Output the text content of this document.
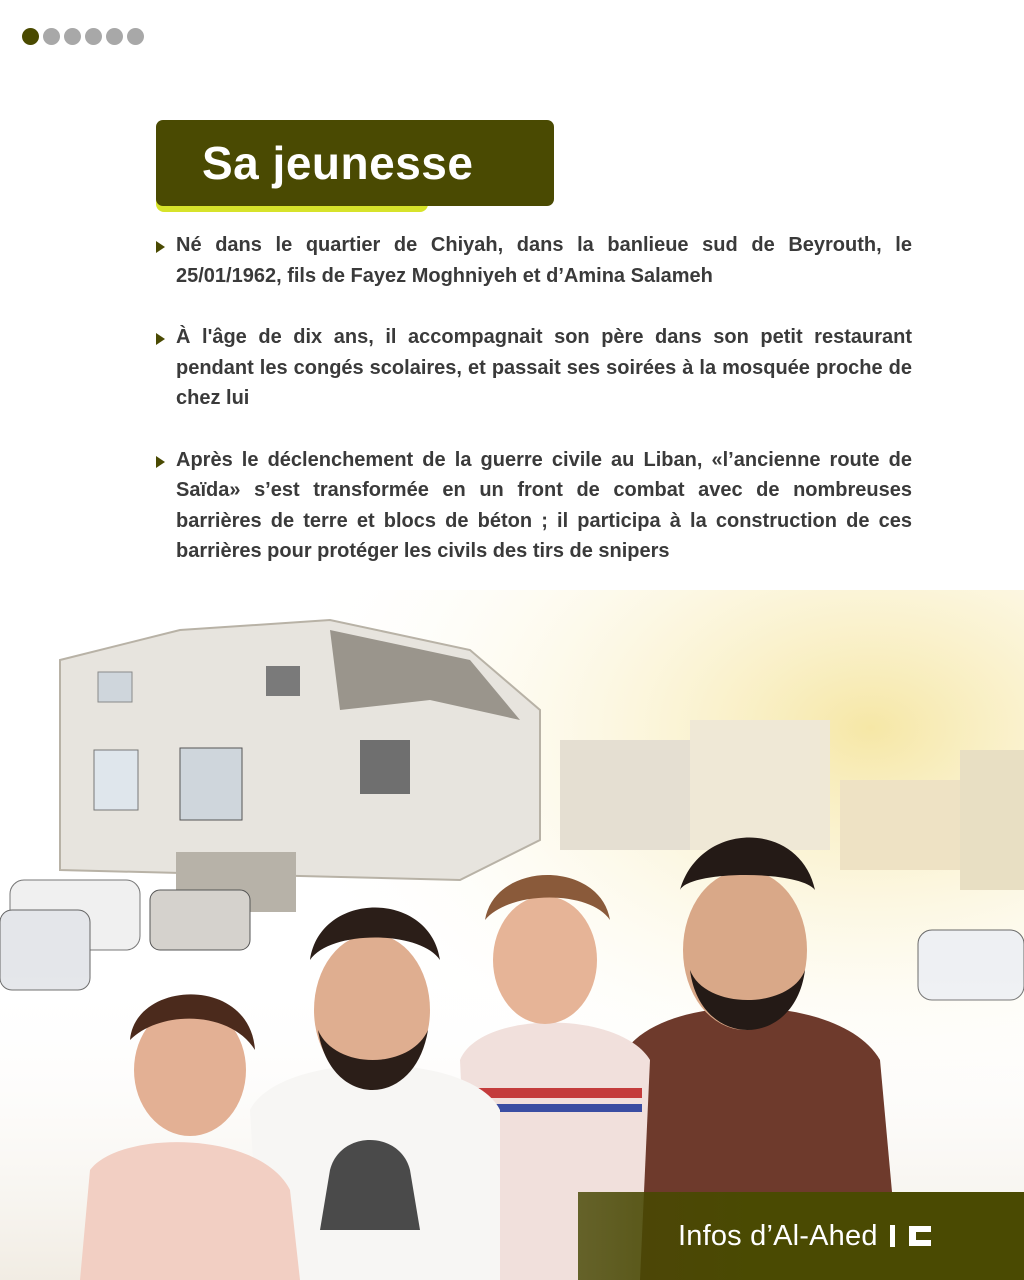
Sa jeunesse
Né dans le quartier de Chiyah, dans la banlieue sud de Beyrouth, le 25/01/1962, fils de Fayez Moghniyeh et d’Amina Salameh
À l'âge de dix ans, il accompagnait son père dans son petit restaurant pendant les congés scolaires, et passait ses soirées à la mosquée proche de chez lui
Après le déclenchement de la guerre civile au Liban, «l’ancienne route de Saïda» s’est transformée en un front de combat avec de nombreuses barrières de terre et blocs de béton ; il participa à la construction de ces barrières pour protéger les civils des tirs de snipers
Infos d’Al-Ahed
